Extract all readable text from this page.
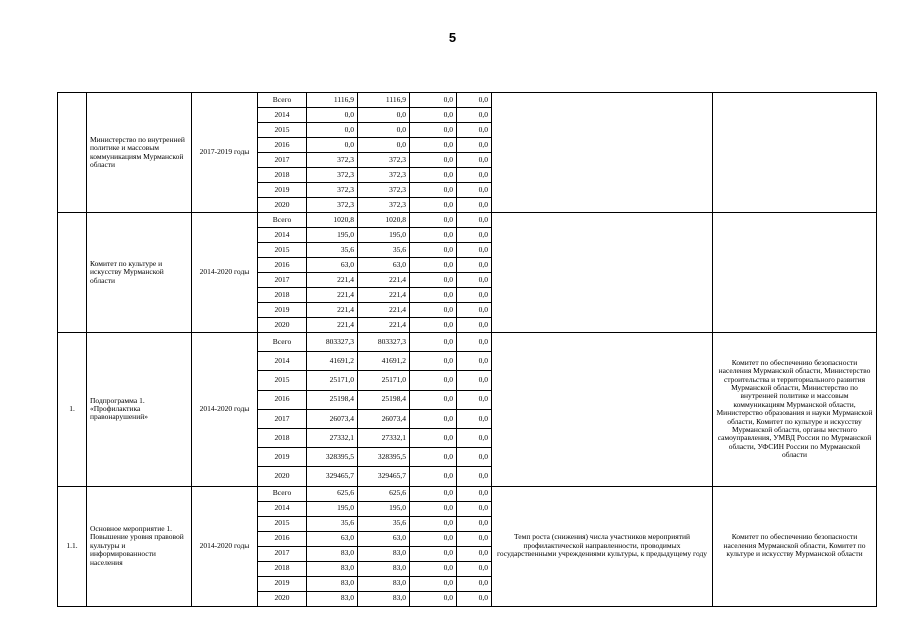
5
	Министерство по внутренней политике и массовым коммуникациям Мурманской области	2017-2019 годы	Всего	1116,9	1116,9	0,0	0,0		
			2014	0,0	0,0	0,0	0,0		
			2015	0,0	0,0	0,0	0,0		
			2016	0,0	0,0	0,0	0,0		
			2017	372,3	372,3	0,0	0,0		
			2018	372,3	372,3	0,0	0,0		
			2019	372,3	372,3	0,0	0,0		
			2020	372,3	372,3	0,0	0,0		
	Комитет по культуре и искусству Мурманской области	2014-2020 годы	Всего	1020,8	1020,8	0,0	0,0		
			2014	195,0	195,0	0,0	0,0		
			2015	35,6	35,6	0,0	0,0		
			2016	63,0	63,0	0,0	0,0		
			2017	221,4	221,4	0,0	0,0		
			2018	221,4	221,4	0,0	0,0		
			2019	221,4	221,4	0,0	0,0		
			2020	221,4	221,4	0,0	0,0		
1.	Подпрограмма 1. «Профилактика правонарушений»	2014-2020 годы	Всего	803327,3	803327,3	0,0	0,0		Комитет по обеспечению безопасности населения Мурманской области, Министерство строительства и территориального развития Мурманской области, Министерство по внутренней политике и массовым коммуникациям Мурманской области, Министерство образования и науки Мурманской области, Комитет по культуре и искусству Мурманской области, органы местного самоуправления, УМВД России по Мурманской области, УФСИН России по Мурманской области
			2014	41691,2	41691,2	0,0	0,0		
			2015	25171,0	25171,0	0,0	0,0		
			2016	25198,4	25198,4	0,0	0,0		
			2017	26073,4	26073,4	0,0	0,0		
			2018	27332,1	27332,1	0,0	0,0		
			2019	328395,5	328395,5	0,0	0,0		
			2020	329465,7	329465,7	0,0	0,0		
1.1.	Основное мероприятие 1. Повышение уровня правовой культуры и информированности населения	2014-2020 годы	Всего	625,6	625,6	0,0	0,0	Темп роста (снижения) числа участников мероприятий профилактической направленности, проводимых государственными учреждениями культуры, к предыдущему году	Комитет по обеспечению безопасности населения Мурманской области, Комитет по культуре и искусству Мурманской области
			2014	195,0	195,0	0,0	0,0		
			2015	35,6	35,6	0,0	0,0		
			2016	63,0	63,0	0,0	0,0		
			2017	83,0	83,0	0,0	0,0		
			2018	83,0	83,0	0,0	0,0		
			2019	83,0	83,0	0,0	0,0		
			2020	83,0	83,0	0,0	0,0		
